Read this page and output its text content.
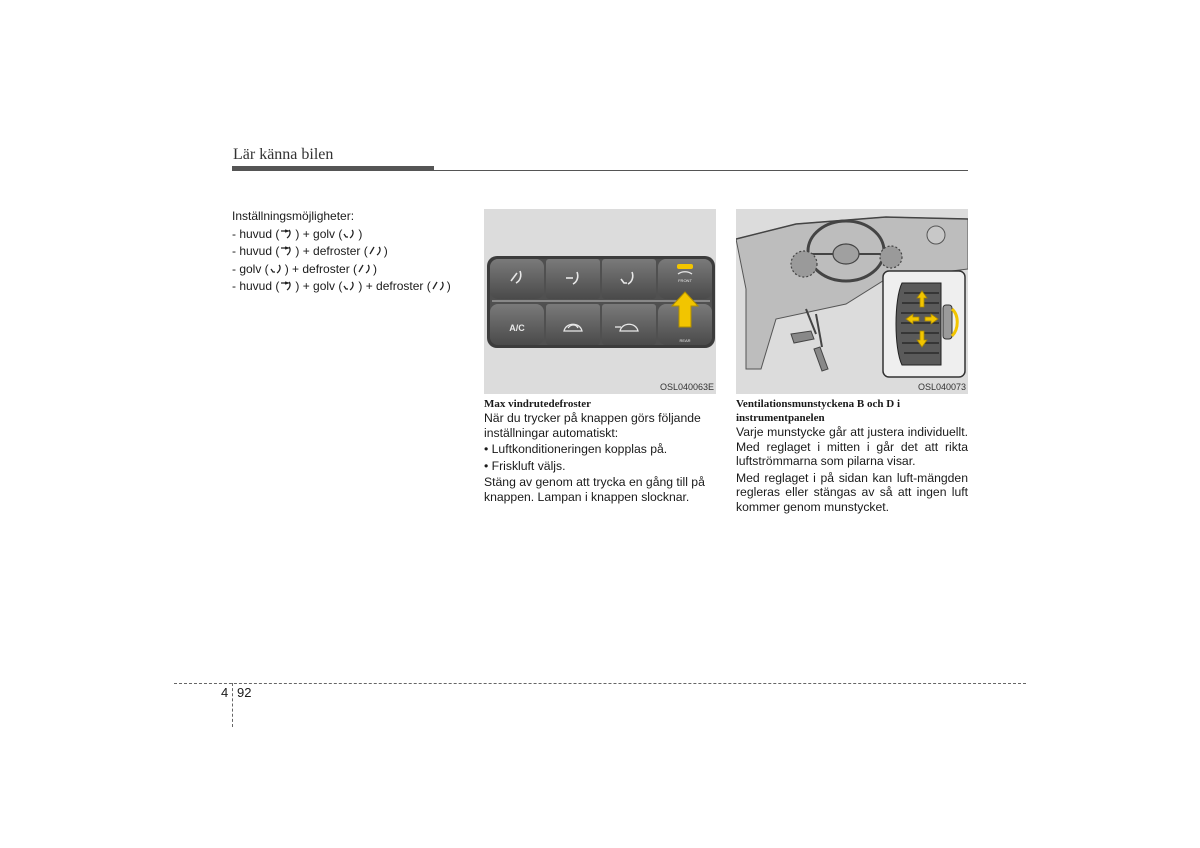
Lär känna bilen
Inställningsmöjligheter:
- huvud ( ) + golv ( )
- huvud ( ) + defroster ( )
- golv ( ) + defroster ( )
- huvud ( ) + golv ( ) + defroster ( )	FRONT
A/C
REAR
OSL040063E	OSL040073
Max vindrutedefroster
När du trycker på knappen görs följande inställningar automatiskt:
• Luftkonditioneringen kopplas på.
• Friskluft väljs.
Stäng av genom att trycka en gång till på knappen. Lampan i knappen slocknar.
Ventilationsmunstyckena B och D i
instrumentpanelen
Varje munstycke går att justera individuellt. Med reglaget i mitten i går det att rikta luftströmmarna som pilarna visar.
Med reglaget i på sidan kan luft-mängden regleras eller stängas av så att ingen luft kommer genom munstycket.
4 92
